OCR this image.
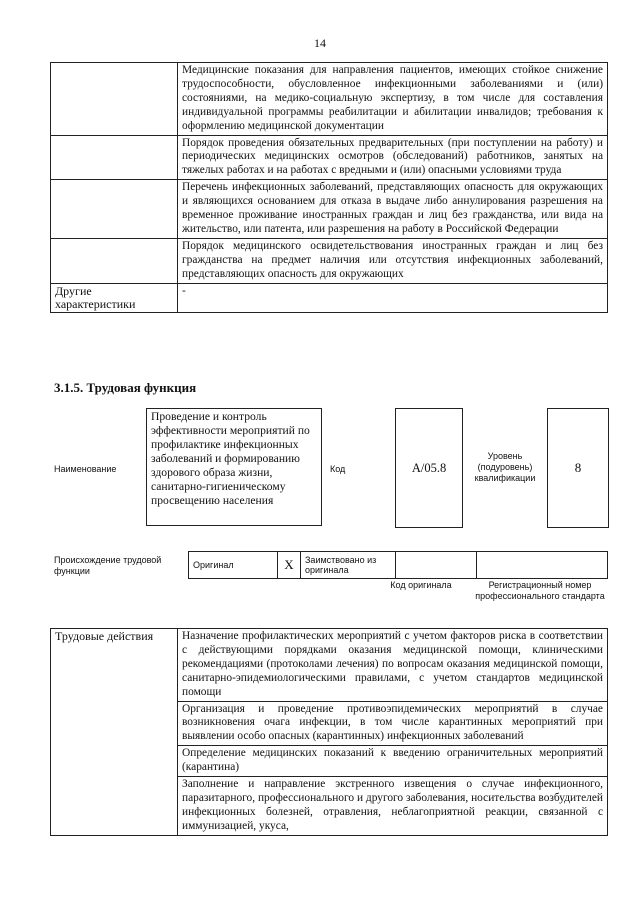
14
	Медицинские показания для направления пациентов, имеющих стойкое снижение трудоспособности, обусловленное инфекционными заболеваниями и (или) состояниями, на медико-социальную экспертизу, в том числе для составления индивидуальной программы реабилитации и абилитации инвалидов; требования к оформлению медицинской документации
	Порядок проведения обязательных предварительных (при поступлении на работу) и периодических медицинских осмотров (обследований) работников, занятых на тяжелых работах и на работах с вредными и (или) опасными условиями труда
	Перечень инфекционных заболеваний, представляющих опасность для окружающих и являющихся основанием для отказа в выдаче либо аннулирования разрешения на временное проживание иностранных граждан и лиц без гражданства, или вида на жительство, или патента, или разрешения на работу в Российской Федерации
	Порядок медицинского освидетельствования иностранных граждан и лиц без гражданства на предмет наличия или отсутствия инфекционных заболеваний, представляющих опасность для окружающих
Другие характеристики	-
3.1.5. Трудовая функция
Наименование
Проведение и контроль эффективности мероприятий по профилактике инфекционных заболеваний и формированию здорового образа жизни, санитарно-гигиеническому просвещению населения
Код	A/05.8
Уровень (подуровень) квалификации
8
Происхождение трудовой функции
Оригинал	X	Заимствовано из оригинала		
Код оригинала	Регистрационный номер профессионального стандарта
Трудовые действия	Назначение профилактических мероприятий с учетом факторов риска в соответствии с действующими порядками оказания медицинской помощи, клиническими рекомендациями (протоколами лечения) по вопросам оказания медицинской помощи, санитарно-эпидемиологическими правилами, с учетом стандартов медицинской помощи
Организация и проведение противоэпидемических мероприятий в случае возникновения очага инфекции, в том числе карантинных мероприятий при выявлении особо опасных (карантинных) инфекционных заболеваний
Определение медицинских показаний к введению ограничительных мероприятий (карантина)
Заполнение и направление экстренного извещения о случае инфекционного, паразитарного, профессионального и другого заболевания, носительства возбудителей инфекционных болезней, отравления, неблагоприятной реакции, связанной с иммунизацией, укуса,
